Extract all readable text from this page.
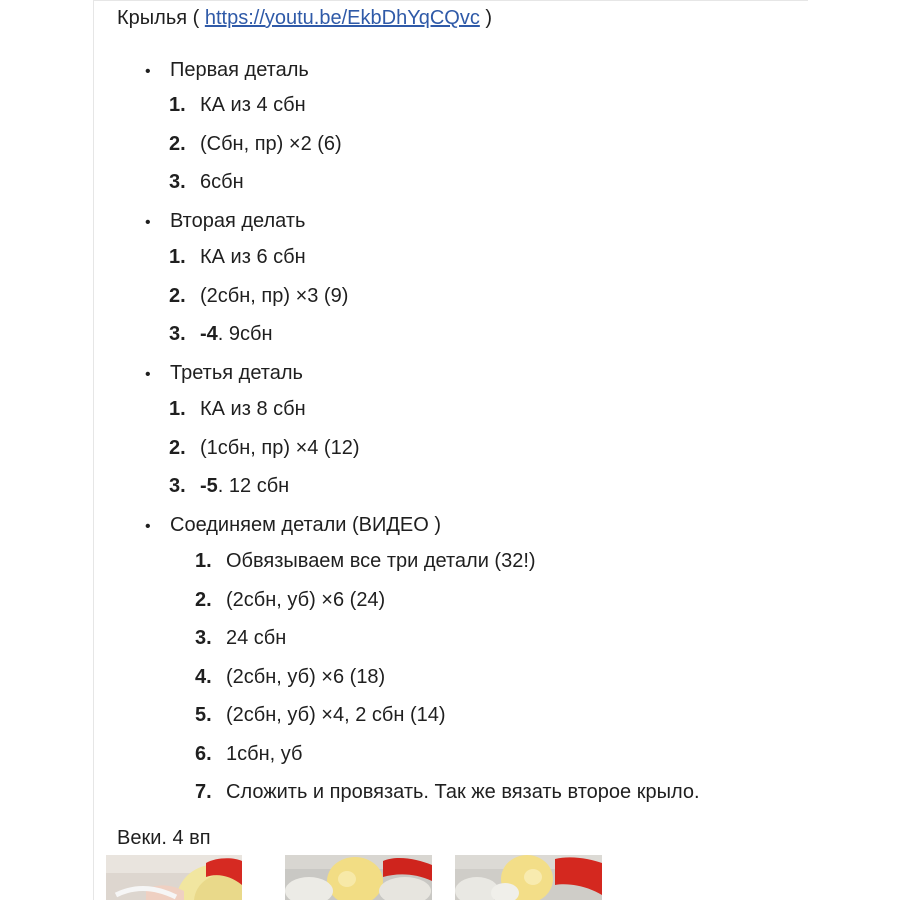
Крылья ( https://youtu.be/EkbDhYqCQvc )
• Первая деталь
1. КА из 4 сбн
2. (Сбн, пр) ×2 (6)
3. 6сбн
• Вторая делать
1. КА из 6 сбн
2. (2сбн, пр) ×3 (9)
3. -4. 9сбн
• Третья деталь
1. КА из 8 сбн
2. (1сбн, пр) ×4 (12)
3. -5. 12 сбн
• Соединяем детали (ВИДЕО )
1. Обвязываем все три детали (32!)
2. (2сбн, уб) ×6 (24)
3. 24 сбн
4. (2сбн, уб) ×6 (18)
5. (2сбн, уб) ×4, 2 сбн (14)
6. 1сбн, уб
7. Сложить и провязать. Так же вязать второе крыло.
Веки. 4 вп
